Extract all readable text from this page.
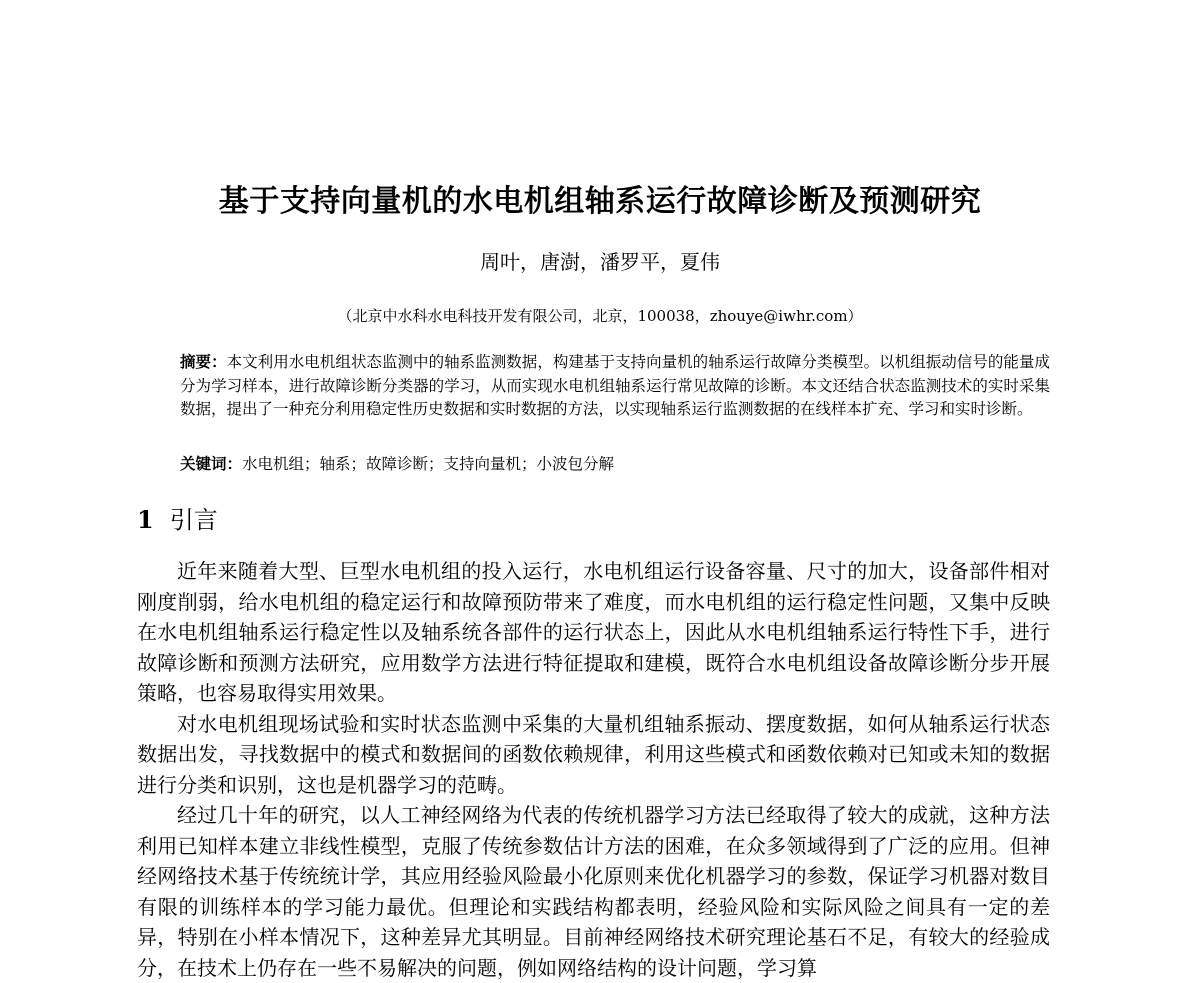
基于支持向量机的水电机组轴系运行故障诊断及预测研究
周叶，唐澍，潘罗平，夏伟
（北京中水科水电科技开发有限公司，北京，100038，zhouye@iwhr.com）
摘要：本文利用水电机组状态监测中的轴系监测数据，构建基于支持向量机的轴系运行故障分类模型。以机组振动信号的能量成分为学习样本，进行故障诊断分类器的学习，从而实现水电机组轴系运行常见故障的诊断。本文还结合状态监测技术的实时采集数据，提出了一种充分利用稳定性历史数据和实时数据的方法，以实现轴系运行监测数据的在线样本扩充、学习和实时诊断。
关键词：水电机组；轴系；故障诊断；支持向量机；小波包分解
1 引言

近年来随着大型、巨型水电机组的投入运行，水电机组运行设备容量、尺寸的加大，设备部件相对刚度削弱，给水电机组的稳定运行和故障预防带来了难度，而水电机组的运行稳定性问题，又集中反映在水电机组轴系运行稳定性以及轴系统各部件的运行状态上，因此从水电机组轴系运行特性下手，进行故障诊断和预测方法研究，应用数学方法进行特征提取和建模，既符合水电机组设备故障诊断分步开展策略，也容易取得实用效果。

对水电机组现场试验和实时状态监测中采集的大量机组轴系振动、摆度数据，如何从轴系运行状态数据出发，寻找数据中的模式和数据间的函数依赖规律，利用这些模式和函数依赖对已知或未知的数据进行分类和识别，这也是机器学习的范畴。

经过几十年的研究，以人工神经网络为代表的传统机器学习方法已经取得了较大的成就，这种方法利用已知样本建立非线性模型，克服了传统参数估计方法的困难，在众多领域得到了广泛的应用。但神经网络技术基于传统统计学，其应用经验风险最小化原则来优化机器学习的参数，保证学习机器对数目有限的训练样本的学习能力最优。但理论和实践结构都表明，经验风险和实际风险之间具有一定的差异，特别在小样本情况下，这种差异尤其明显。目前神经网络技术研究理论基石不足，有较大的经验成分，在技术上仍存在一些不易解决的问题，例如网络结构的设计问题，学习算
